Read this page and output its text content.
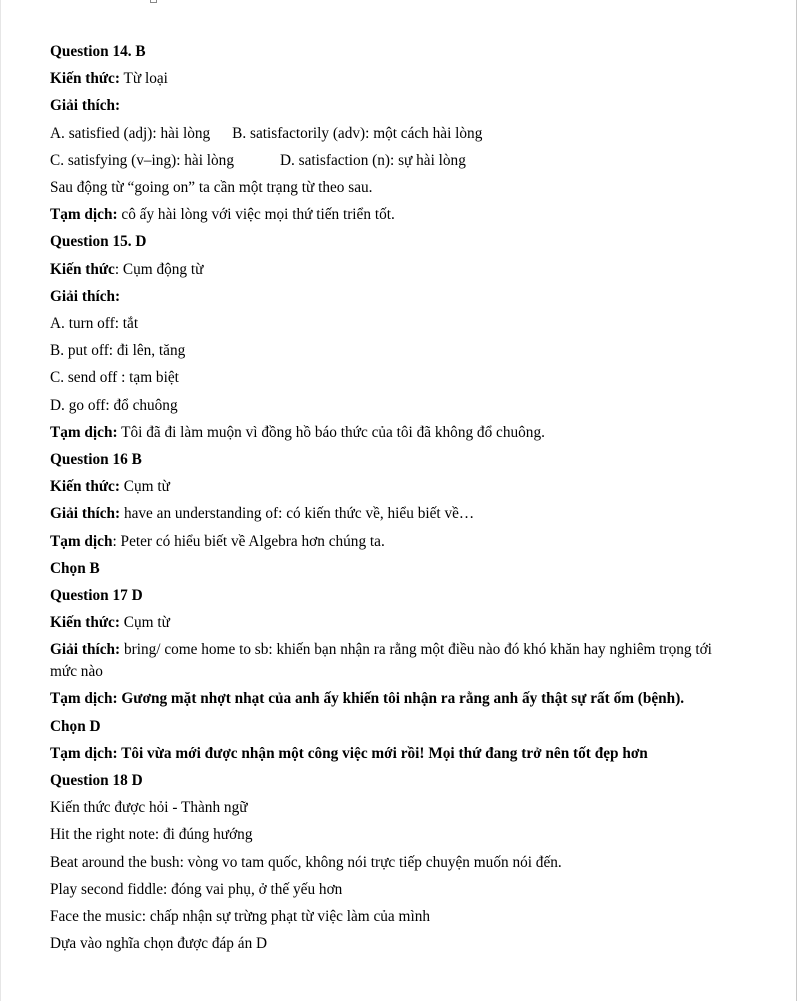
Question 14. B
Kiến thức: Từ loại
Giải thích:
A. satisfied (adj): hài lòng B. satisfactorily (adv): một cách hài lòng
C. satisfying (v–ing): hài lòng	D. satisfaction (n): sự hài lòng
Sau động từ “going on” ta cần một trạng từ theo sau.
Tạm dịch: cô ấy hài lòng với việc mọi thứ tiến triển tốt.
Question 15. D
Kiến thức: Cụm động từ
Giải thích:
A. turn off: tắt
B. put off: đi lên, tăng
C. send off : tạm biệt
D. go off: đổ chuông
Tạm dịch: Tôi đã đi làm muộn vì đồng hồ báo thức của tôi đã không đổ chuông.
Question 16 B
Kiến thức: Cụm từ
Giải thích: have an understanding of: có kiến thức về, hiểu biết về…
Tạm dịch: Peter có hiểu biết về Algebra hơn chúng ta.
Chọn B
Question 17 D
Kiến thức: Cụm từ
Giải thích: bring/ come home to sb: khiến bạn nhận ra rằng một điều nào đó khó khăn hay nghiêm trọng tới mức nào
Tạm dịch: Gương mặt nhợt nhạt của anh ấy khiến tôi nhận ra rằng anh ấy thật sự rất ốm (bệnh).
Chọn D
Tạm dịch: Tôi vừa mới được nhận một công việc mới rồi! Mọi thứ đang trở nên tốt đẹp hơn
Question 18 D
Kiến thức được hỏi - Thành ngữ
Hit the right note: đi đúng hướng
Beat around the bush: vòng vo tam quốc, không nói trực tiếp chuyện muốn nói đến.
Play second fiddle: đóng vai phụ, ở thế yếu hơn
Face the music: chấp nhận sự trừng phạt từ việc làm của mình
Dựa vào nghĩa chọn được đáp án D
